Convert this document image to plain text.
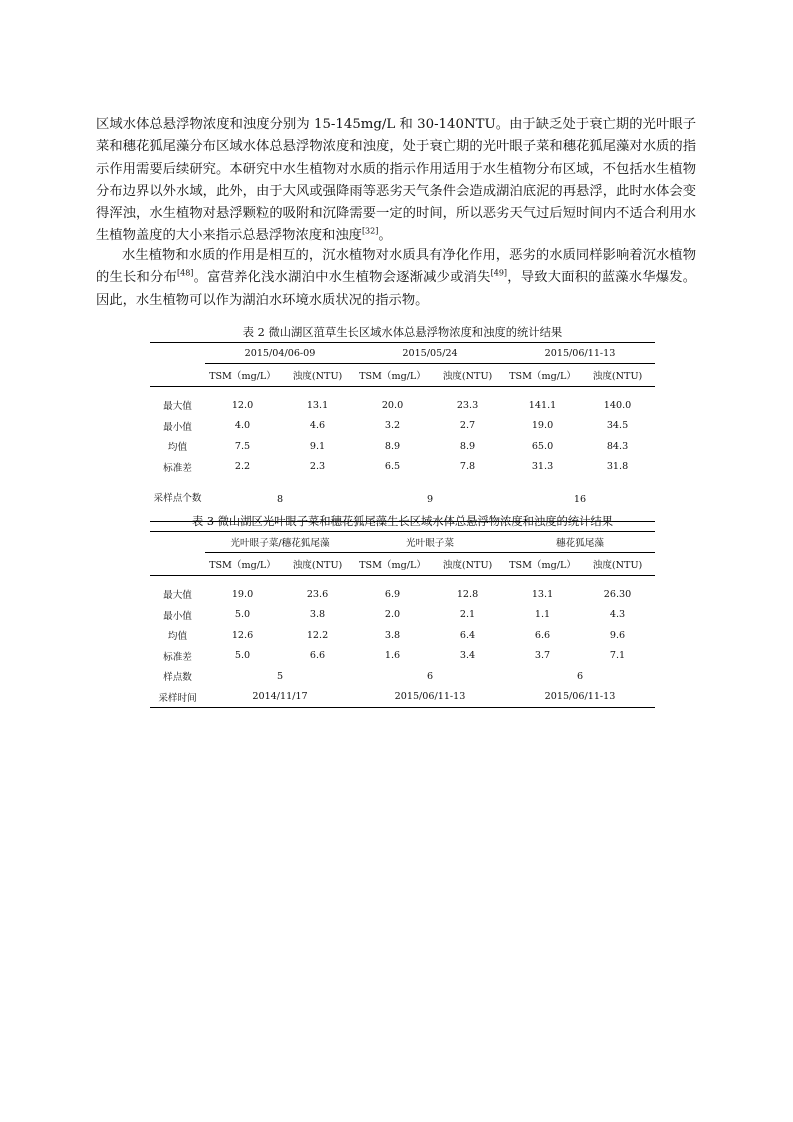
区域水体总悬浮物浓度和浊度分别为 15-145mg/L 和 30-140NTU。由于缺乏处于衰亡期的光叶眼子菜和穗花狐尾藻分布区域水体总悬浮物浓度和浊度，处于衰亡期的光叶眼子菜和穗花狐尾藻对水质的指示作用需要后续研究。本研究中水生植物对水质的指示作用适用于水生植物分布区域，不包括水生植物分布边界以外水域，此外，由于大风或强降雨等恶劣天气条件会造成湖泊底泥的再悬浮，此时水体会变得浑浊，水生植物对悬浮颗粒的吸附和沉降需要一定的时间，所以恶劣天气过后短时间内不适合利用水生植物盖度的大小来指示总悬浮物浓度和浊度[32]。

水生植物和水质的作用是相互的，沉水植物对水质具有净化作用，恶劣的水质同样影响着沉水植物的生长和分布[48]。富营养化浅水湖泊中水生植物会逐渐减少或消失[49]，导致大面积的蓝藻水华爆发。因此，水生植物可以作为湖泊水环境水质状况的指示物。

表 2 微山湖区菹草生长区域水体总悬浮物浓度和浊度的统计结果
	2015/04/06-09		2015/05/24		2015/06/11-13	
	TSM（mg/L）	浊度(NTU)	TSM（mg/L）	浊度(NTU)	TSM（mg/L）	浊度(NTU)

最大值	12.0	13.1	20.0	23.3	141.1	140.0
最小值	4.0	4.6	3.2	2.7	19.0	34.5
均值	7.5	9.1	8.9	8.9	65.0	84.3
标准差	2.2	2.3	6.5	7.8	31.3	31.8
采样点个数	8		9		16	
表 3 微山湖区光叶眼子菜和穗花狐尾藻生长区域水体总悬浮物浓度和浊度的统计结果
	光叶眼子菜/穗花狐尾藻		光叶眼子菜		穗花狐尾藻	
	TSM（mg/L）	浊度(NTU)	TSM（mg/L）	浊度(NTU)	TSM（mg/L）	浊度(NTU)

最大值	19.0	23.6	6.9	12.8	13.1	26.30
最小值	5.0	3.8	2.0	2.1	1.1	4.3
均值	12.6	12.2	3.8	6.4	6.6	9.6
标准差	5.0	6.6	1.6	3.4	3.7	7.1
样点数	5		6		6	
采样时间	2014/11/17		2015/06/11-13		2015/06/11-13	
